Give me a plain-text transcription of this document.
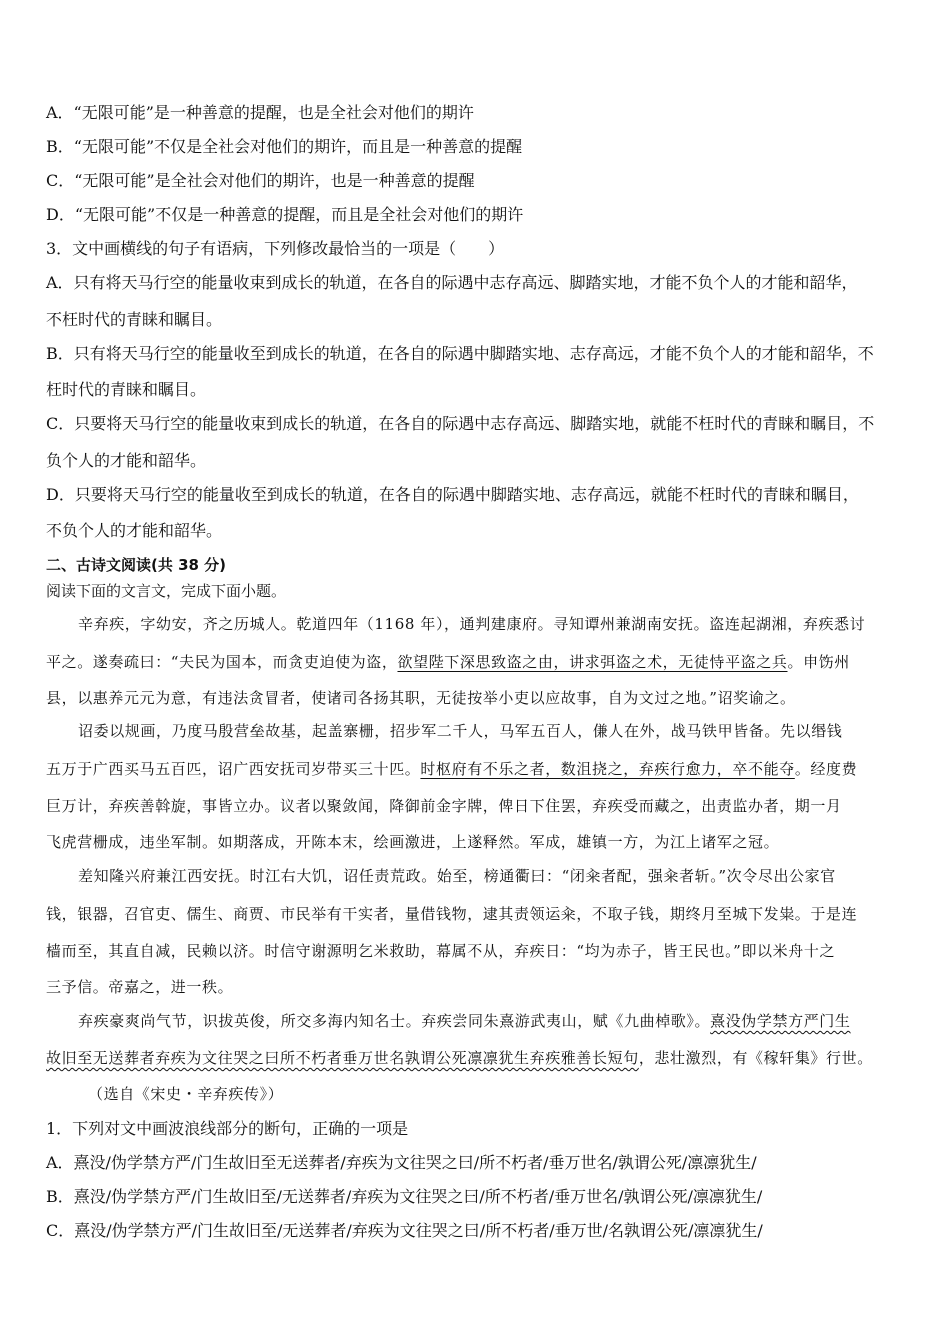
A．“无限可能”是一种善意的提醒，也是全社会对他们的期许
B．“无限可能”不仅是全社会对他们的期许，而且是一种善意的提醒
C．“无限可能”是全社会对他们的期许，也是一种善意的提醒
D．“无限可能”不仅是一种善意的提醒，而且是全社会对他们的期许
3．文中画横线的句子有语病，下列修改最恰当的一项是（　　）
A．只有将天马行空的能量收束到成长的轨道，在各自的际遇中志存高远、脚踏实地，才能不负个人的才能和韶华，
不枉时代的青睐和瞩目。
B．只有将天马行空的能量收至到成长的轨道，在各自的际遇中脚踏实地、志存高远，才能不负个人的才能和韶华，不
枉时代的青睐和瞩目。
C．只要将天马行空的能量收束到成长的轨道，在各自的际遇中志存高远、脚踏实地，就能不枉时代的青睐和瞩目，不
负个人的才能和韶华。
D．只要将天马行空的能量收至到成长的轨道，在各自的际遇中脚踏实地、志存高远，就能不枉时代的青睐和瞩目，
不负个人的才能和韶华。
二、古诗文阅读(共 38 分)
阅读下面的文言文，完成下面小题。
辛弃疾，字幼安，齐之历城人。乾道四年（1168 年），通判建康府。寻知谭州兼湖南安抚。盗连起湖湘，弃疾悉讨
平之。遂奏疏曰：“夫民为国本，而贪吏迫使为盗，欲望陛下深思致盗之由，讲求弭盗之术，无徒恃平盗之兵。申饬州
县，以惠养元元为意，有违法贪冒者，使诸司各扬其职，无徒按举小吏以应故事，自为文过之地。”诏奖谕之。
诏委以规画，乃度马殷营垒故基，起盖寨栅，招步军二千人，马军五百人，傔人在外，战马铁甲皆备。先以缗钱
五万于广西买马五百匹，诏广西安抚司岁带买三十匹。时枢府有不乐之者，数沮挠之，弃疾行愈力，卒不能夺。经度费
巨万计，弃疾善斡旋，事皆立办。议者以聚敛闻，降御前金字牌，俾日下住罢，弃疾受而藏之，出责监办者，期一月
飞虎营栅成，违坐军制。如期落成，开陈本末，绘画激进，上遂释然。军成，雄镇一方，为江上诸军之冠。
差知隆兴府兼江西安抚。时江右大饥，诏任责荒政。始至，榜通衢曰：“闭籴者配，强籴者斩。”次令尽出公家官
钱，银器，召官吏、儒生、商贾、市民举有干实者，量借钱物，逮其责领运籴，不取子钱，期终月至城下发粜。于是连
樯而至，其直自减，民赖以济。时信守谢源明乞米救助，幕属不从，弃疾日：“均为赤子，皆王民也。”即以米舟十之
三予信。帝嘉之，进一秩。
弃疾豪爽尚气节，识拔英俊，所交多海内知名士。弃疾尝同朱熹游武夷山，赋《九曲棹歌》。熹没伪学禁方严门生
故旧至无送葬者弃疾为文往哭之曰所不朽者垂万世名孰谓公死凛凛犹生弃疾雅善长短句，悲壮激烈，有《稼轩集》行世。
（选自《宋史・辛弃疾传》）
1．下列对文中画波浪线部分的断句，正确的一项是
A．熹没/伪学禁方严/门生故旧至无送葬者/弃疾为文往哭之曰/所不朽者/垂万世名/孰谓公死/凛凛犹生/
B．熹没/伪学禁方严/门生故旧至/无送葬者/弃疾为文往哭之曰/所不朽者/垂万世名/孰谓公死/凛凛犹生/
C．熹没/伪学禁方严/门生故旧至/无送葬者/弃疾为文往哭之曰/所不朽者/垂万世/名孰谓公死/凛凛犹生/
